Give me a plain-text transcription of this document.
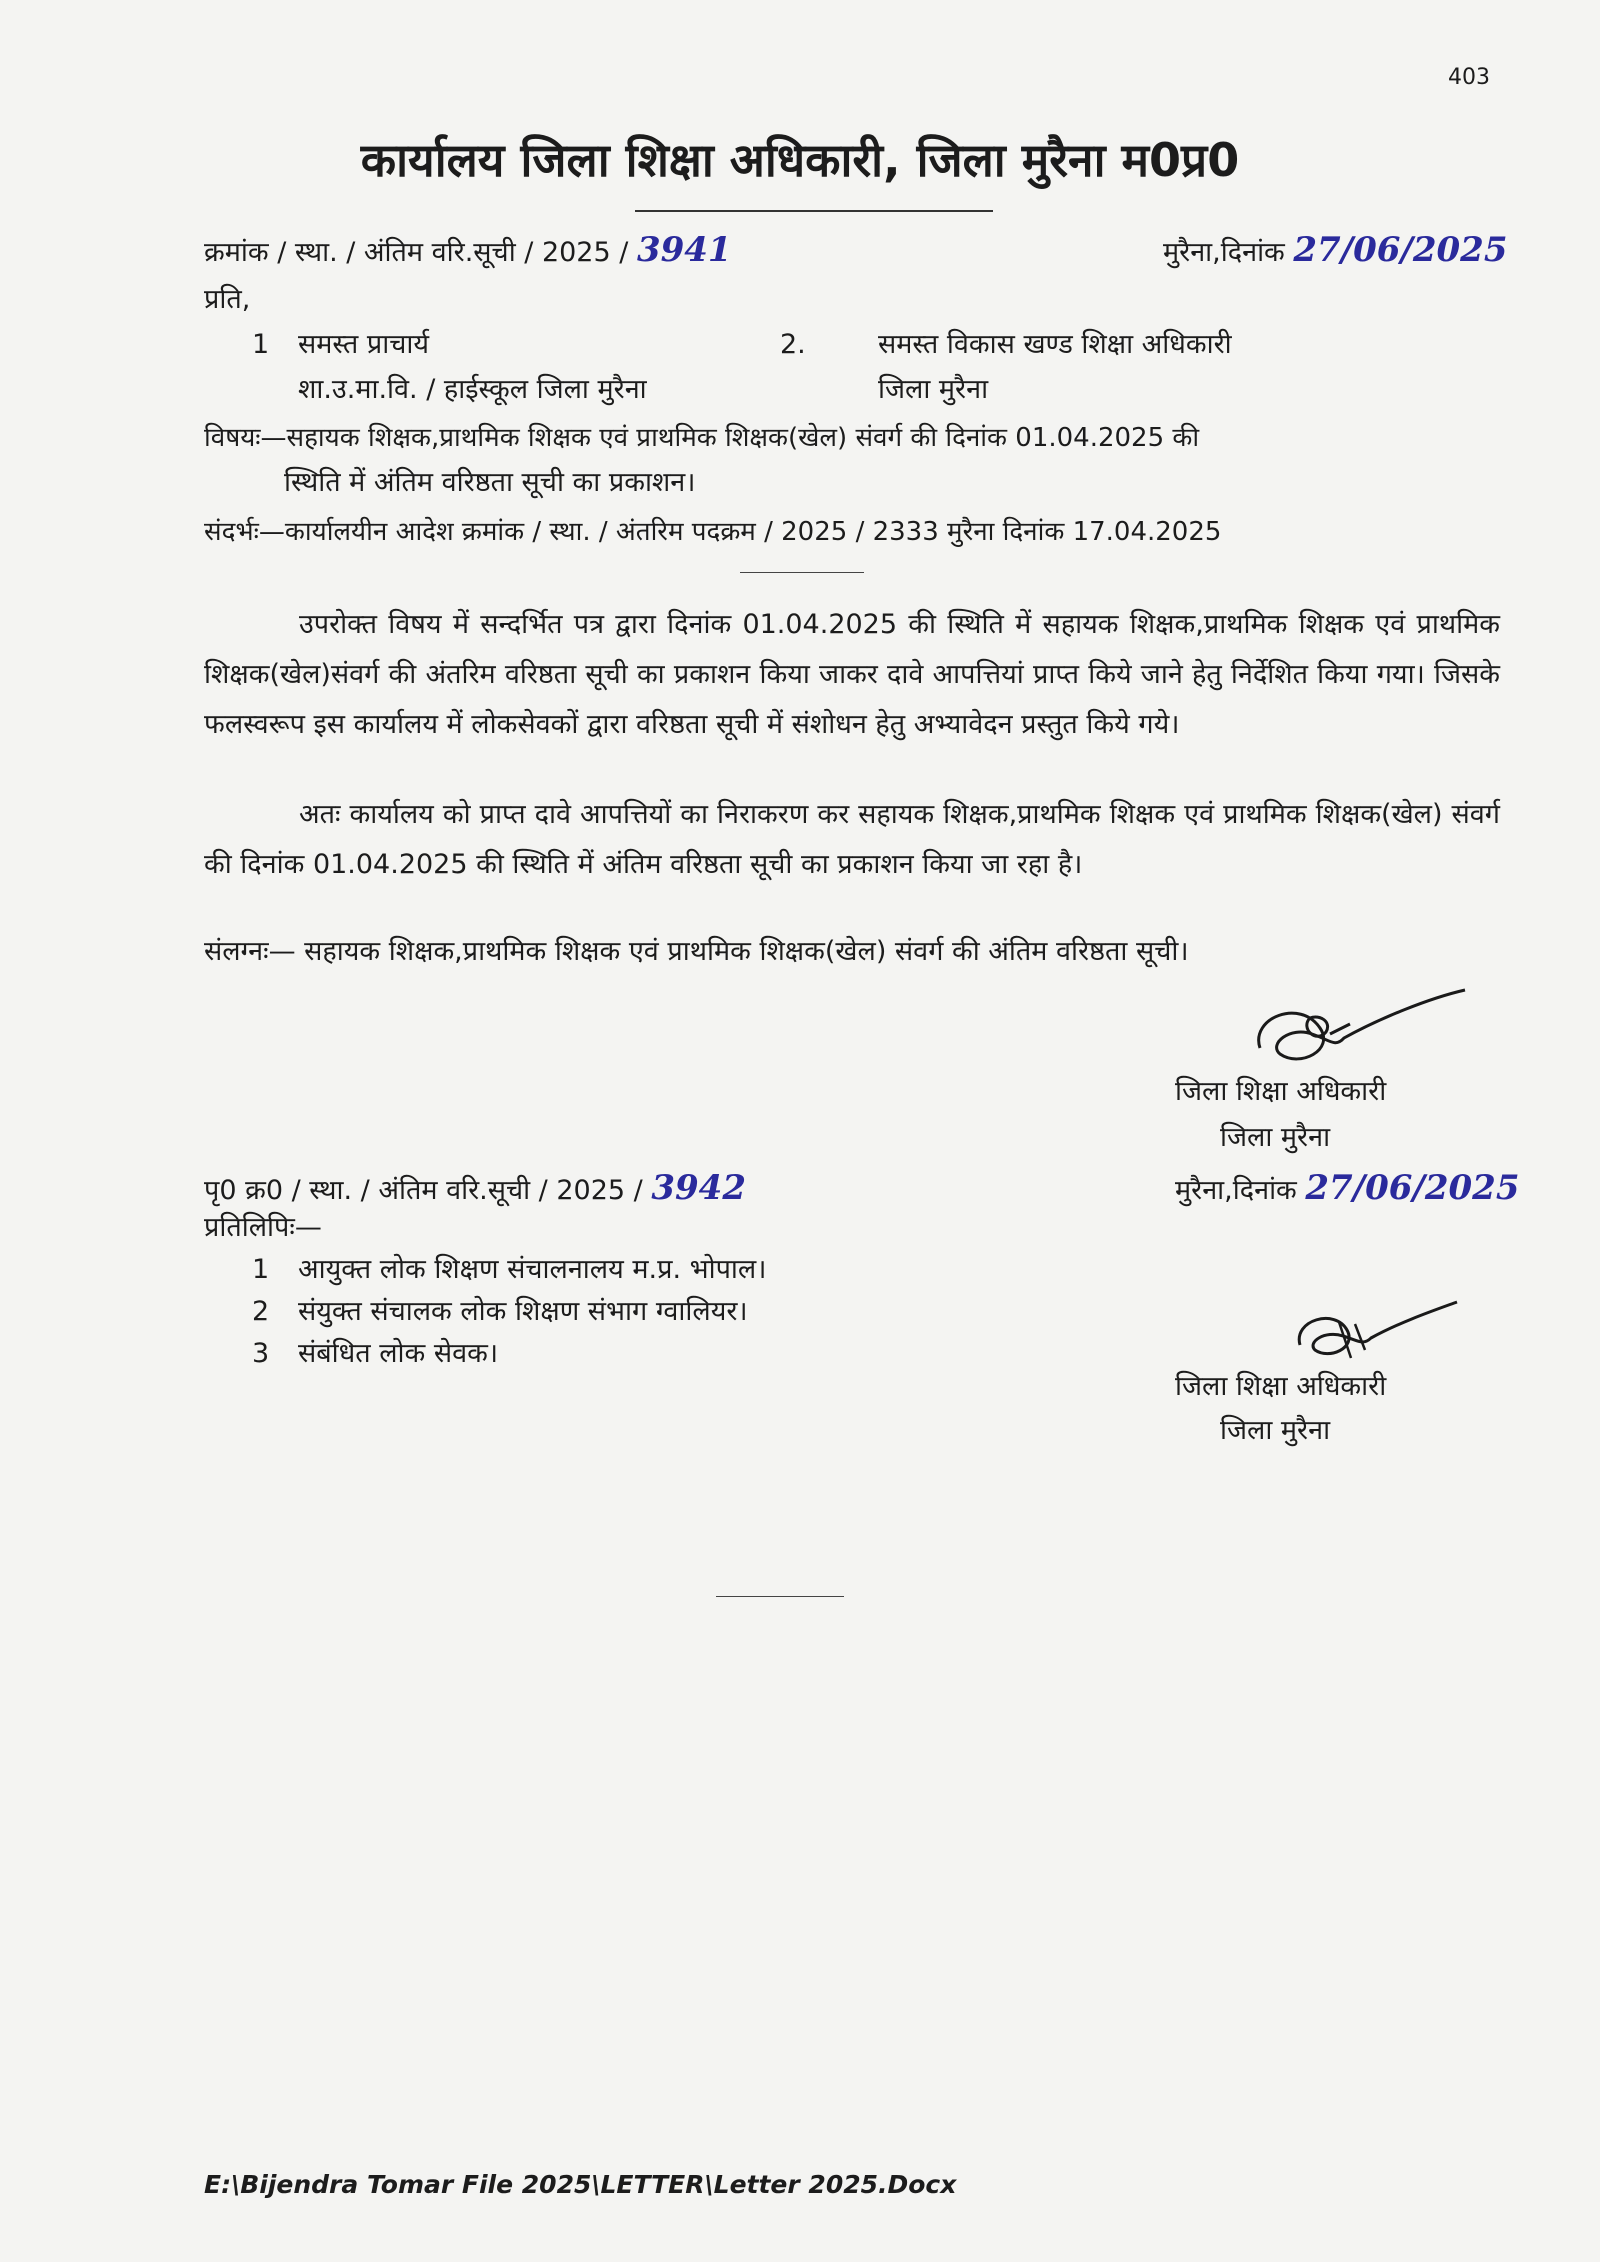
403
कार्यालय जिला शिक्षा अधिकारी, जिला मुरैना म0प्र0
क्रमांक / स्था. / अंतिम वरि.सूची / 2025 / 3941	मुरैना,दिनांक 27/06/2025
प्रति,
1 समस्त प्राचार्य
शा.उ.मा.वि. / हाईस्कूल जिला मुरैना
2.	समस्त विकास खण्ड शिक्षा अधिकारी
जिला मुरैना
विषयः—सहायक शिक्षक,प्राथमिक शिक्षक एवं प्राथमिक शिक्षक(खेल) संवर्ग की दिनांक 01.04.2025 की
स्थिति में अंतिम वरिष्ठता सूची का प्रकाशन।
संदर्भः—कार्यालयीन आदेश क्रमांक / स्था. / अंतरिम पदक्रम / 2025 / 2333 मुरैना दिनांक 17.04.2025
उपरोक्त विषय में सन्दर्भित पत्र द्वारा दिनांक 01.04.2025 की स्थिति में सहायक शिक्षक,प्राथमिक शिक्षक एवं प्राथमिक शिक्षक(खेल)संवर्ग की अंतरिम वरिष्ठता सूची का प्रकाशन किया जाकर दावे आपत्तियां प्राप्त किये जाने हेतु निर्देशित किया गया। जिसके फलस्वरूप इस कार्यालय में लोकसेवकों द्वारा वरिष्ठता सूची में संशोधन हेतु अभ्यावेदन प्रस्तुत किये गये।
अतः कार्यालय को प्राप्त दावे आपत्तियों का निराकरण कर सहायक शिक्षक,प्राथमिक शिक्षक एवं प्राथमिक शिक्षक(खेल) संवर्ग की दिनांक 01.04.2025 की स्थिति में अंतिम वरिष्ठता सूची का प्रकाशन किया जा रहा है।
संलग्नः— सहायक शिक्षक,प्राथमिक शिक्षक एवं प्राथमिक शिक्षक(खेल) संवर्ग की अंतिम वरिष्ठता सूची।
जिला शिक्षा अधिकारी
जिला मुरैना
पृ0 क्र0 / स्था. / अंतिम वरि.सूची / 2025 / 3942	मुरैना,दिनांक 27/06/2025
प्रतिलिपिः—
1 आयुक्त लोक शिक्षण संचालनालय म.प्र. भोपाल।
2 संयुक्त संचालक लोक शिक्षण संभाग ग्वालियर।
3 संबंधित लोक सेवक।
जिला शिक्षा अधिकारी
जिला मुरैना
E:\Bijendra Tomar File 2025\LETTER\Letter 2025.Docx
